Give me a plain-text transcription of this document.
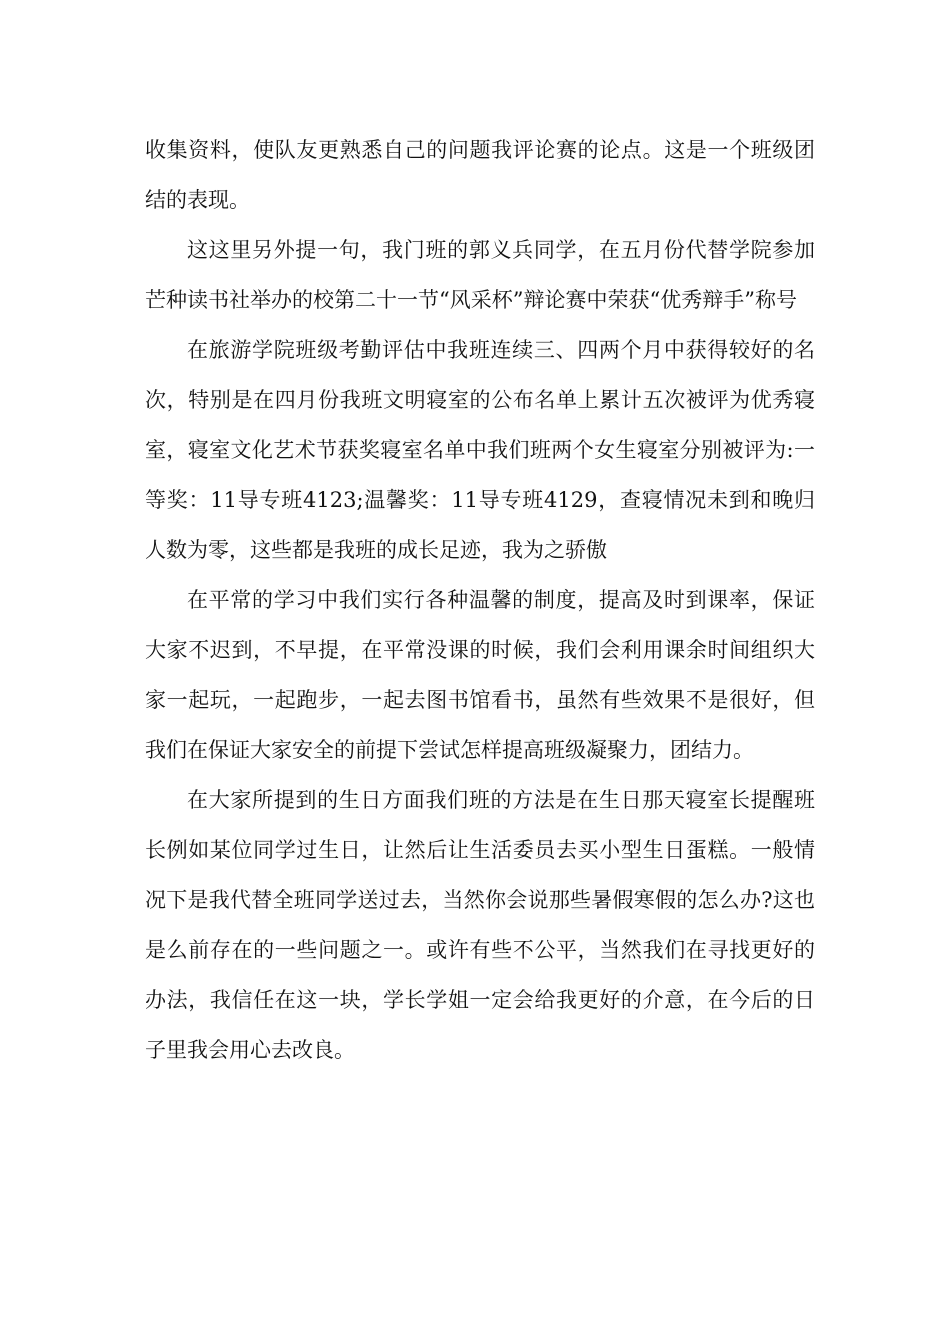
收集资料，使队友更熟悉自己的问题我评论赛的论点。这是一个班级团结的表现。

这这里另外提一句，我门班的郭义兵同学，在五月份代替学院参加芒种读书社举办的校第二十一节“风采杯”辩论赛中荣获“优秀辩手”称号

在旅游学院班级考勤评估中我班连续三、四两个月中获得较好的名次，特别是在四月份我班文明寝室的公布名单上累计五次被评为优秀寝室，寝室文化艺术节获奖寝室名单中我们班两个女生寝室分别被评为:一等奖：11导专班4123;温馨奖：11导专班4129，查寝情况未到和晚归人数为零，这些都是我班的成长足迹，我为之骄傲

在平常的学习中我们实行各种温馨的制度，提高及时到课率，保证大家不迟到，不早提，在平常没课的时候，我们会利用课余时间组织大家一起玩，一起跑步，一起去图书馆看书，虽然有些效果不是很好，但我们在保证大家安全的前提下尝试怎样提高班级凝聚力，团结力。

在大家所提到的生日方面我们班的方法是在生日那天寝室长提醒班长例如某位同学过生日，让然后让生活委员去买小型生日蛋糕。一般情况下是我代替全班同学送过去，当然你会说那些暑假寒假的怎么办?这也是么前存在的一些问题之一。或许有些不公平，当然我们在寻找更好的办法，我信任在这一块，学长学姐一定会给我更好的介意，在今后的日子里我会用心去改良。
